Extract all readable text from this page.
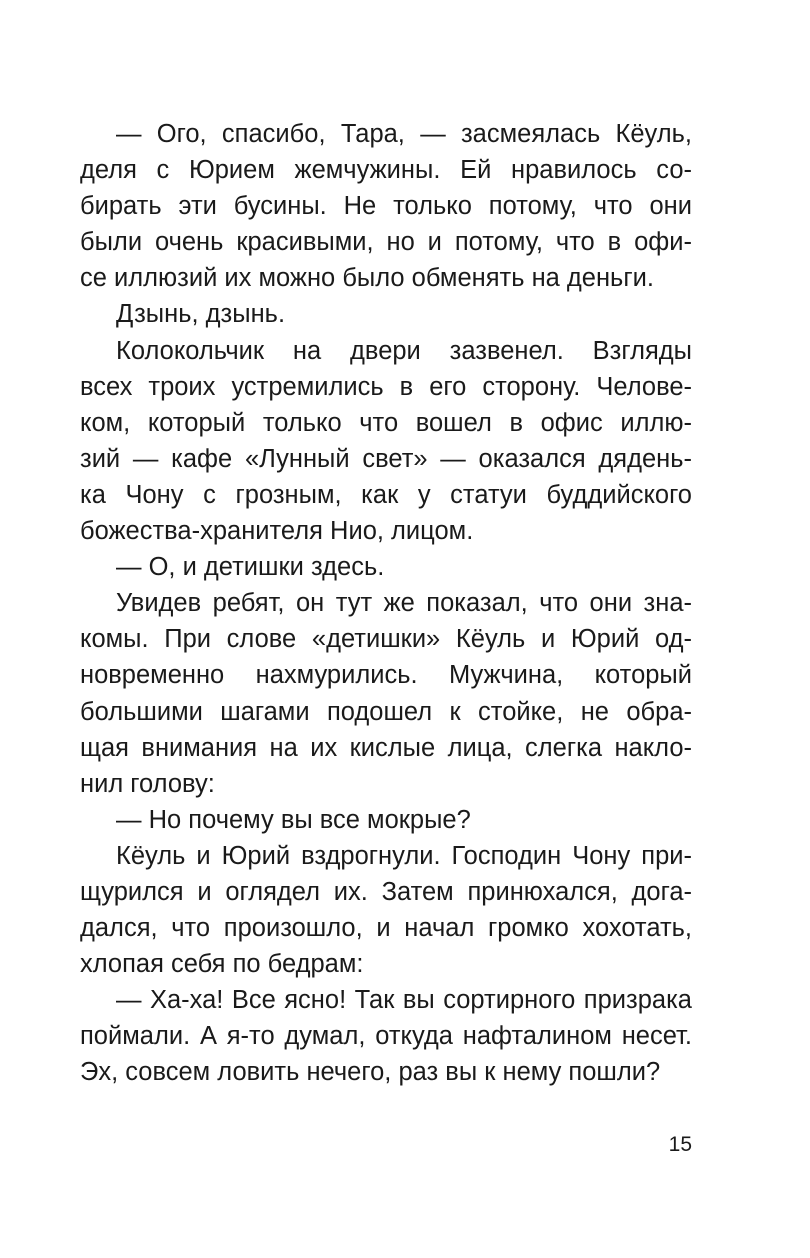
— Ого, спасибо, Тара, — засмеялась Кёуль,
деля с Юрием жемчужины. Ей нравилось со-
бирать эти бусины. Не только потому, что они
были очень красивыми, но и потому, что в офи-
се иллюзий их можно было обменять на деньги.
Дзынь, дзынь.
Колокольчик на двери зазвенел. Взгляды
всех троих устремились в его сторону. Челове-
ком, который только что вошел в офис иллю-
зий — кафе «Лунный свет» — оказался дядень-
ка Чону с грозным, как у статуи буддийского
божества-хранителя Нио, лицом.
— О, и детишки здесь.
Увидев ребят, он тут же показал, что они зна-
комы. При слове «детишки» Кёуль и Юрий од-
новременно нахмурились. Мужчина, который
большими шагами подошел к стойке, не обра-
щая внимания на их кислые лица, слегка накло-
нил голову:
— Но почему вы все мокрые?
Кёуль и Юрий вздрогнули. Господин Чону при-
щурился и оглядел их. Затем принюхался, дога-
дался, что произошло, и начал громко хохотать,
хлопая себя по бедрам:
— Ха-ха! Все ясно! Так вы сортирного призрака
поймали. А я-то думал, откуда нафталином несет.
Эх, совсем ловить нечего, раз вы к нему пошли?
15
